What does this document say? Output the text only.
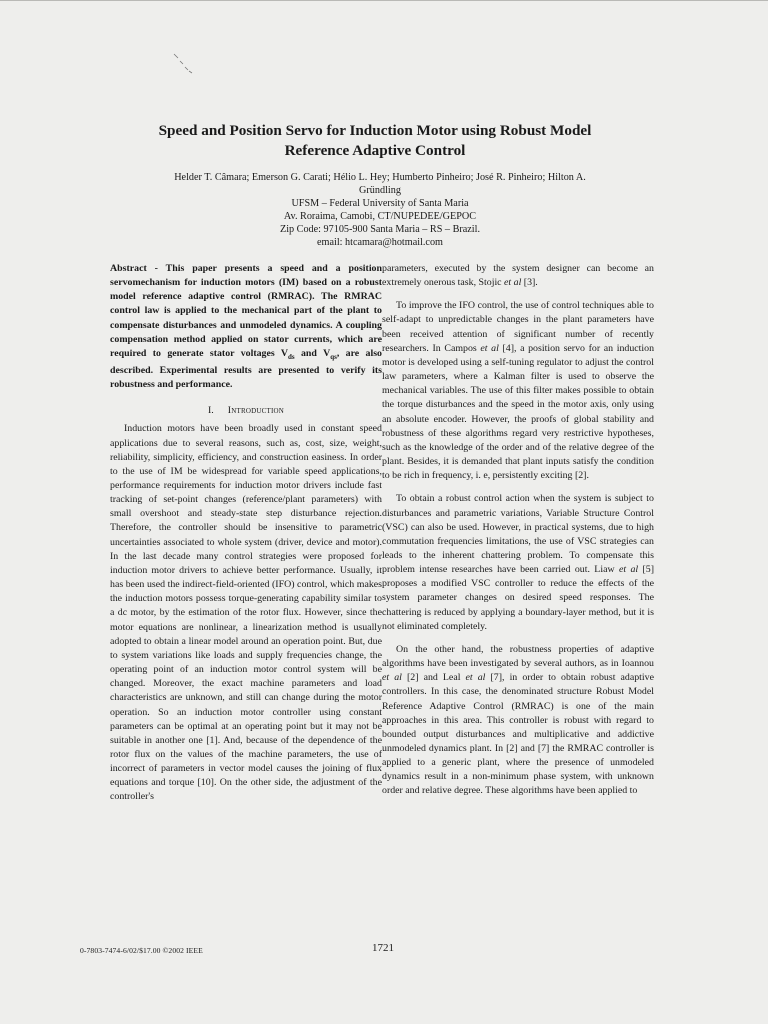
Speed and Position Servo for Induction Motor using Robust Model
Reference Adaptive Control
Helder T. Câmara; Emerson G. Carati; Hélio L. Hey; Humberto Pinheiro; José R. Pinheiro; Hilton A.
Gründling
UFSM – Federal University of Santa Maria
Av. Roraima, Camobi, CT/NUPEDEE/GEPOC
Zip Code: 97105-900 Santa Maria – RS – Brazil.
email: htcamara@hotmail.com

Abstract - This paper presents a speed and a position servomechanism for induction motors (IM) based on a robust model reference adaptive control (RMRAC). The RMRAC control law is applied to the mechanical part of the plant to compensate disturbances and unmodeled dynamics. A coupling compensation method applied on stator currents, which are required to generate stator voltages $V_{ds}$ and $V_{qs}$, are also described. Experimental results are presented to verify its robustness and performance.

I. Introduction

Induction motors have been broadly used in constant speed applications due to several reasons, such as, cost, size, weight, reliability, simplicity, efficiency, and construction easiness. In order to the use of IM be widespread for variable speed applications, performance requirements for induction motor drivers include fast tracking of set-point changes (reference/plant parameters) with small overshoot and steady-state step disturbance rejection. Therefore, the controller should be insensitive to parametric uncertainties associated to whole system (driver, device and motor). In the last decade many control strategies were proposed for induction motor drivers to achieve better performance. Usually, it has been used the indirect-field-oriented (IFO) control, which makes the induction motors possess torque-generating capability similar to a dc motor, by the estimation of the rotor flux. However, since the motor equations are nonlinear, a linearization method is usually adopted to obtain a linear model around an operation point. But, due to system variations like loads and supply frequencies change, the operating point of an induction motor control system will be changed. Moreover, the exact machine parameters and load characteristics are unknown, and still can change during the motor operation. So an induction motor controller using constant parameters can be optimal at an operating point but it may not be suitable in another one [1]. And, because of the dependence of the rotor flux on the values of the machine parameters, the use of incorrect of parameters in vector model causes the joining of flux equations and torque [10]. On the other side, the adjustment of the controller's

parameters, executed by the system designer can become an extremely onerous task, Stojic et al [3].

To improve the IFO control, the use of control techniques able to self-adapt to unpredictable changes in the plant parameters have been received attention of significant number of recently researchers. In Campos et al [4], a position servo for an induction motor is developed using a self-tuning regulator to adjust the control law parameters, where a Kalman filter is used to observe the mechanical variables. The use of this filter makes possible to obtain the torque disturbances and the speed in the motor axis, only using an absolute encoder. However, the proofs of global stability and robustness of these algorithms regard very restrictive hypotheses, such as the knowledge of the order and of the relative degree of the plant. Besides, it is demanded that plant inputs satisfy the condition to be rich in frequency, i. e, persistently exciting [2].

To obtain a robust control action when the system is subject to disturbances and parametric variations, Variable Structure Control (VSC) can also be used. However, in practical systems, due to high commutation frequencies limitations, the use of VSC strategies can leads to the inherent chattering problem. To compensate this problem intense researches have been carried out. Liaw et al [5] proposes a modified VSC controller to reduce the effects of the system parameter changes on desired speed responses. The chattering is reduced by applying a boundary-layer method, but it is not eliminated completely.

On the other hand, the robustness properties of adaptive algorithms have been investigated by several authors, as in Ioannou et al [2] and Leal et al [7], in order to obtain robust adaptive controllers. In this case, the denominated structure Robust Model Reference Adaptive Control (RMRAC) is one of the main approaches in this area. This controller is robust with regard to bounded output disturbances and multiplicative and addictive unmodeled dynamics plant. In [2] and [7] the RMRAC controller is applied to a generic plant, where the presence of unmodeled dynamics result in a non-minimum phase system, with unknown order and relative degree. These algorithms have been applied to

0-7803-7474-6/02/$17.00 ©2002 IEEE	1721
